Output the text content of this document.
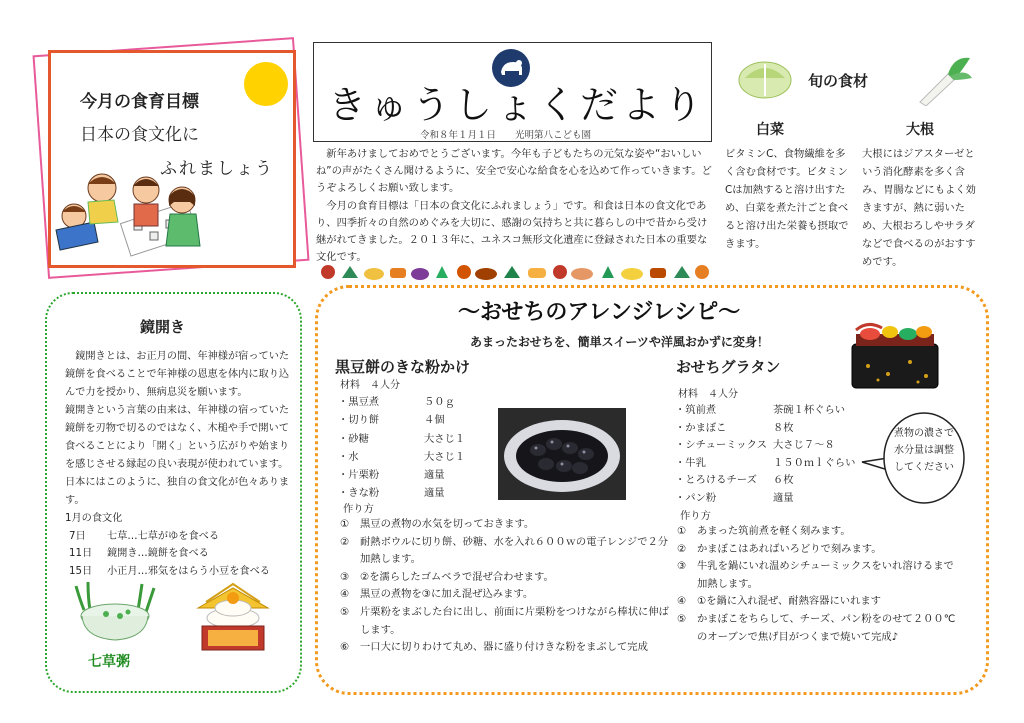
今月の食育目標
日本の食文化に
ふれましょう
きゅうしょくだより
令和８年１月１日　　光明第八こども園

新年あけましておめでとうございます。今年も子どもたちの元気な姿や“おいしいね”の声がたくさん聞けるように、安全で安心な給食を心を込めて作っていきます。どうぞよろしくお願い致します。

今月の食育目標は「日本の食文化にふれましょう」です。和食は日本の食文化であり、四季折々の自然のめぐみを大切に、感謝の気持ちと共に暮らしの中で昔から受け継がれてきました。２０１３年に、ユネスコ無形文化遺産に登録された日本の重要な文化です。

旬の食材
白菜	大根
ビタミンC、食物繊維を多く含む食材です。ビタミンCは加熱すると溶け出すため、白菜を煮た汁ごと食べると溶け出た栄養も摂取できます。
大根にはジアスターゼという消化酵素を多く含み、胃腸などにもよく効きますが、熱に弱いため、大根おろしやサラダなどで食べるのがおすすめです。
鏡開き

鏡開きとは、お正月の間、年神様が宿っていた鏡餅を食べることで年神様の恩恵を体内に取り込んで力を授かり、無病息災を願います。

鏡開きという言葉の由来は、年神様の宿っていた鏡餅を刃物で切るのではなく、木槌や手で開いて食べることにより「開く」という広がりや始まりを感じさせる縁起の良い表現が使われています。日本にはこのように、独自の食文化が色々あります。

1月の食文化
7日	七草…七草がゆを食べる
11日	鏡開き…鏡餅を食べる
15日	小正月…邪気をはらう小豆を食べる
七草粥
～おせちのアレンジレシピ～
あまったおせちを、簡単スイーツや洋風おかずに変身！
黒豆餅のきな粉かけ
材料　４人分
・黒豆煮	５０ｇ
・切り餅	４個
・砂糖	大さじ１
・水	大さじ１
・片栗粉	適量
・きな粉	適量
作り方
①	黒豆の煮物の水気を切っておきます。
②	耐熱ボウルに切り餅、砂糖、水を入れ６００ｗの電子レンジで２分加熱します。
③	②を濡らしたゴムベラで混ぜ合わせます。
④	黒豆の煮物を③に加え混ぜ込みます。
⑤	片栗粉をまぶした台に出し、前面に片栗粉をつけながら棒状に伸ばします。
⑥	一口大に切りわけて丸め、器に盛り付けきな粉をまぶして完成
おせちグラタン
材料　４人分
・筑前煮	茶碗１杯ぐらい
・かまぼこ	８枚
・シチューミックス 大さじ７～８
・牛乳	１５０ｍｌぐらい
・とろけるチーズ	６枚
・パン粉	適量
煮物の濃さで水分量は調整してください
作り方
①	あまった筑前煮を軽く刻みます。
②	かまぼこはあればいろどりで刻みます。
③	牛乳を鍋にいれ温めシチューミックスをいれ溶けるまで加熱します。
④	①を鍋に入れ混ぜ、耐熱容器にいれます
⑤	かまぼこをちらして、チーズ、パン粉をのせて２００℃のオーブンで焦げ目がつくまで焼いて完成♪
